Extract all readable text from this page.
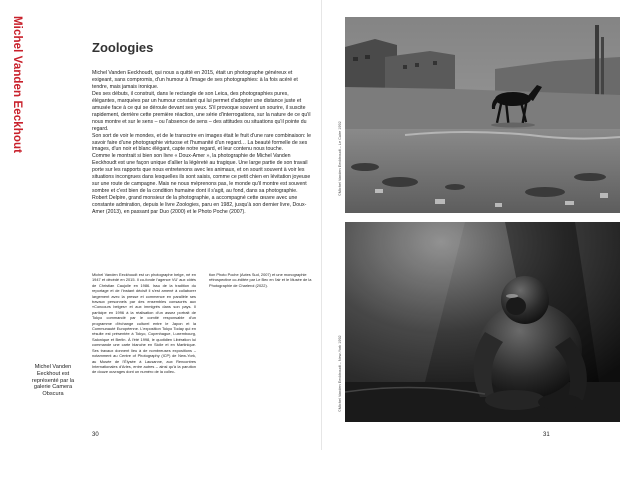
Michel Vanden Eeckhout	Zoologies

Michel Vanden Eeckhoudt, qui nous a quitté en 2015, était un photographe généreux et exigeant, sans compromis, d'un humour à l'image de ses photographies: à la fois acéré et tendre, mais jamais ironique.

Des ses débuts, il construit, dans le rectangle de son Leica, des photographies pures, élégantes, marquées par un humour constant qui lui permet d'adopter une distance juste et amusée face à ce qui se déroule devant ses yeux. S'il provoque souvent un sourire, il suscite rapidement, derrière cette première réaction, une série d'interrogations, sur la nature de ce qu'il nous montre et sur le sens – ou l'absence de sens – des attitudes ou situations qu'il pointe du regard.

Son sort de voir le mondes, et de le transcrire en images était le fruit d'une rare combinaison: le savoir faire d'une photographie virtuose et l'humanité d'un regard… La beauté formelle de ses images, d'un noir et blanc élégant, capte notre regard, et leur contenu nous touche.

Comme le montrait si bien son livre « Doux-Amer », la photographie de Michel Vanden Eeckhoudt est une façon unique d'allier la légèreté au tragique. Une large partie de son travail porte sur les rapports que nous entretenons avec les animaux, et on sourit souvent à voir les situations incongrues dans lesquelles ils sont saisis, comme ce petit chien en lévitation joyeuse sur une route de campagne. Mais ne nous méprenons pas, le monde qu'il montre est souvent sombre et c'est bien de la condition humaine dont il s'agit, au fond, dans sa photographie.

Robert Delpire, grand monsieur de la photographie, a accompagné cette œuvre avec une constante admiration, depuis le livre Zoologies, paru en 1982, jusqu'à son dernier livre, Doux-Amer (2013), en passant par Duo (2000) et le Photo Poche (2007).

Michel Vanden Eeckhoudt est un photographe belge, né en 1947 et décédé en 2015. Il co-fonde l'agence VU' aux côtés de Christian Caujolle en 1986. Issu de la tradition du reportage et de l'instant décisif il s'est amené à collaborer largement avec la presse et commence en parallèle ses travaux personnels par des ensembles consacrés aux «Concours belges» et aux immigrés dans son pays. Il participe en 1996 à la réalisation d'un assez portrait de Tokyo commandé par le comité responsable d'un programme d'échange culturel entre le Japon et la Communauté Européenne. L'exposition Tokyo Today qui en résulte est présentée à Tokyo, Copenhague, Luxembourg, Salonique et Berlin. À l'été 1998, le quotidien Libération lui commande une carte blanche en Sicile et en Martinique. Ses travaux donnent lieu à de nombreuses expositions – notamment au Centre of Photography (ICP) de New-York, au Musée de l'Élysée à Lausanne, aux Rencontres Internationales d'Arles, entre autres – ainsi qu'à la parution de douze ouvrages dont un numéro de la collec-
tion Photo Poche (Actes Sud, 2007) et une monographie rétrospective co-éditée par Le Bec en l'air et le Musée de la Photographie de Charleroi (2022).
Michel Vanden Eeckhout est représenté par la galerie Camera Obscura
30
©Michel Vanden Eeckhoudt – Le Caire 1992
©Michel Vanden Eeckhoudt – New-York 1992
31
